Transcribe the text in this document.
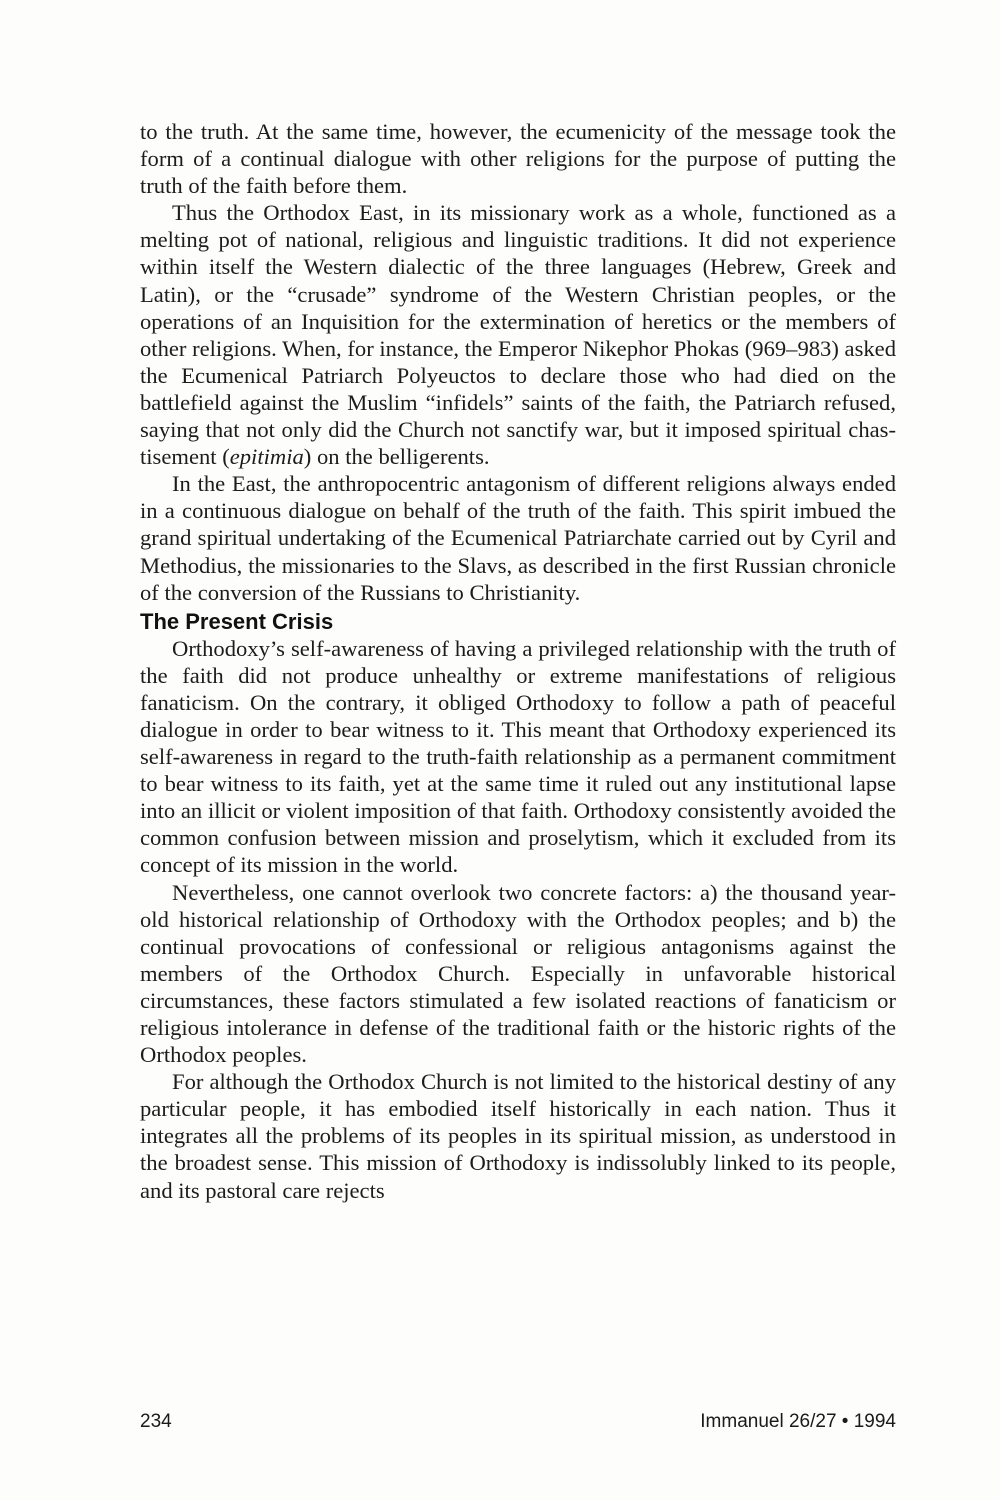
to the truth. At the same time, however, the ecumenicity of the message took the form of a continual dialogue with other religions for the purpose of putting the truth of the faith before them.

Thus the Orthodox East, in its missionary work as a whole, functioned as a melting pot of national, religious and linguistic traditions. It did not experience within itself the Western dialectic of the three languages (Hebrew, Greek and Latin), or the “crusade” syndrome of the Western Christian peoples, or the operations of an Inquisition for the extermination of heretics or the members of other religions. When, for instance, the Emperor Nikephor Phokas (969–983) asked the Ecumenical Patriarch Polyeuctos to declare those who had died on the battlefield against the Muslim “infidels” saints of the faith, the Patriarch refused, saying that not only did the Church not sanctify war, but it imposed spiritual chastisement (epitimia) on the belligerents.

In the East, the anthropocentric antagonism of different religions always ended in a continuous dialogue on behalf of the truth of the faith. This spirit imbued the grand spiritual undertaking of the Ecumenical Patriarchate carried out by Cyril and Methodius, the missionaries to the Slavs, as described in the first Russian chronicle of the conversion of the Russians to Christianity.

The Present Crisis

Orthodoxy’s self-awareness of having a privileged relationship with the truth of the faith did not produce unhealthy or extreme manifestations of religious fanaticism. On the contrary, it obliged Orthodoxy to follow a path of peaceful dialogue in order to bear witness to it. This meant that Orthodoxy experienced its self-awareness in regard to the truth-faith relationship as a permanent commitment to bear witness to its faith, yet at the same time it ruled out any institutional lapse into an illicit or violent imposition of that faith. Orthodoxy consistently avoided the common confusion between mission and proselytism, which it excluded from its concept of its mission in the world.

Nevertheless, one cannot overlook two concrete factors: a) the thousand year-old historical relationship of Orthodoxy with the Orthodox peoples; and b) the continual provocations of confessional or religious antagonisms against the members of the Orthodox Church. Especially in unfavorable historical circumstances, these factors stimulated a few isolated reactions of fanaticism or religious intolerance in defense of the traditional faith or the historic rights of the Orthodox peoples.

For although the Orthodox Church is not limited to the historical destiny of any particular people, it has embodied itself historically in each nation. Thus it integrates all the problems of its peoples in its spiritual mission, as understood in the broadest sense. This mission of Orthodoxy is indissolubly linked to its people, and its pastoral care rejects

234	Immanuel 26/27 • 1994
